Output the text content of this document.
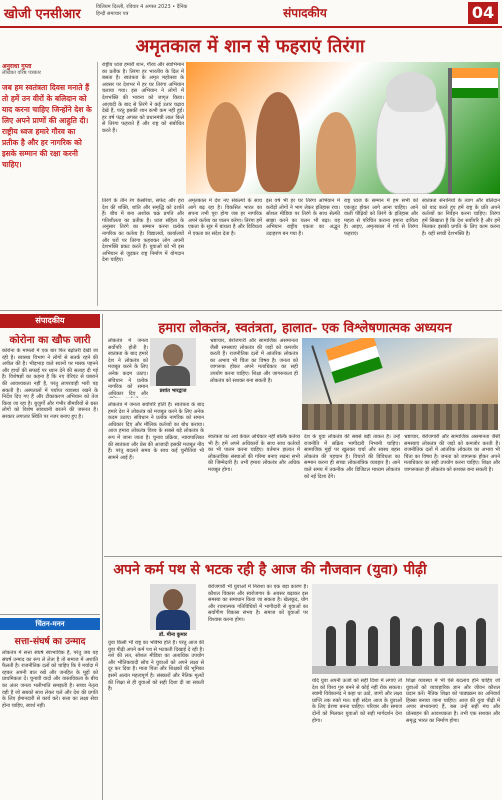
खोजी एनसीआर	विलियम दिल्ली, रविवार 4 अगस्त 2023 • दैनिक हिन्दी समाचार पत्र	संपादकीय	04
अमृतकाल में शान से फहराएं तिरंगा
अनुराधा गुप्ता
लेखिका वरिष्ठ पत्रकार
जब हम स्वतंत्रता दिवस मनाते हैं तो हमें उन वीरों के बलिदान को याद करना चाहिए जिन्होंने देश के लिए अपने प्राणों की आहुति दी। राष्ट्रीय ध्वज हमारे गौरव का प्रतीक है और हर नागरिक को इसके सम्मान की रक्षा करनी चाहिए।
राष्ट्रीय ध्वज हमारी शान, गौरव और स्वाभिमान का प्रतीक है। तिरंगा हर भारतीय के दिल में बसता है। स्वतंत्रता के अमृत महोत्सव के अवसर पर देशभर में हर घर तिरंगा अभियान चलाया गया। इस अभियान ने लोगों में देशभक्ति की भावना को जागृत किया। आज़ादी के बाद से तिरंगे ने कई उतार चढ़ाव देखे हैं, परंतु इसकी शान कभी कम नहीं हुई। हर वर्ष पंद्रह अगस्त को प्रधानमंत्री लाल किले से तिरंगा फहराते हैं और राष्ट्र को संबोधित करते हैं।
तिरंगे के तीन रंग केसरिया, सफेद और हरा देश की शक्ति, शांति और समृद्धि को दर्शाते हैं। बीच में बना अशोक चक्र प्रगति और गतिशीलता का प्रतीक है। ध्वज संहिता के अनुसार तिरंगे का सम्मान करना प्रत्येक नागरिक का कर्तव्य है। विद्यालयों, कार्यालयों और घरों पर तिरंगा फहराकर लोग अपनी देशभक्ति प्रकट करते हैं। युवाओं को भी इस अभियान से जुड़कर राष्ट्र निर्माण में योगदान देना चाहिए।
अमृतकाल में देश नए संकल्पों के साथ आगे बढ़ रहा है। विकसित भारत का सपना तभी पूरा होगा जब हर नागरिक अपने कर्तव्य का पालन करेगा। तिरंगा हमें एकता के सूत्र में बांधता है और विविधता में एकता का संदेश देता है।
इस वर्ष भी हर घर तिरंगा अभियान में करोड़ों लोगों ने भाग लेकर इतिहास रचा। सोशल मीडिया पर तिरंगे के साथ सेल्फी साझा करने का चलन भी बढ़ा। यह अभियान राष्ट्रीय एकता का अद्भुत उदाहरण बन गया है।
राष्ट्र ध्वज के सम्मान में हम सभी को एकजुट होकर आगे आना चाहिए। आने वाली पीढ़ियों को तिरंगे के इतिहास और महत्व से परिचित कराना हमारा दायित्व है। आइए, अमृतकाल में गर्व से तिरंगा फहराएं।
स्वतंत्रता सेनानियों के त्याग और बलिदान को याद करते हुए हमें राष्ट्र के प्रति अपने कर्तव्यों का निर्वहन करना चाहिए। तिरंगा हमें सिखाता है कि देश सर्वोपरि है और हमें मिलकर इसकी प्रगति के लिए काम करना है। यही सच्ची देशभक्ति है।
संपादकीय
कोरोना का खौफ जारी
कोरोना के मामलों में एक बार फिर बढ़ोतरी देखी जा रही है। स्वास्थ्य विभाग ने लोगों से सतर्क रहने की अपील की है। भीड़भाड़ वाले स्थानों पर मास्क पहनने और हाथों की सफाई पर ध्यान देने की सलाह दी गई है। विशेषज्ञों का कहना है कि नए वेरिएंट से घबराने की आवश्यकता नहीं है, परंतु लापरवाही भारी पड़ सकती है। अस्पतालों में पर्याप्त व्यवस्था रखने के निर्देश दिए गए हैं और टीकाकरण अभियान को तेज किया जा रहा है। बुजुर्गों और गंभीर बीमारियों से ग्रस्त लोगों को विशेष सावधानी बरतने की जरूरत है। सरकार लगातार स्थिति पर नजर बनाए हुए है।
चिंतन-मनन
सत्ता-संघर्ष का उन्माद
लोकतंत्र में सत्ता संघर्ष स्वाभाविक है, परंतु जब यह संघर्ष उन्माद का रूप ले लेता है तो समाज में अशांति फैलती है। राजनीतिक दलों को चाहिए कि वे मर्यादा में रहकर अपनी बात रखें और जनहित के मुद्दों को प्राथमिकता दें। चुनावी वादों और वास्तविकता के बीच का अंतर जनता भलीभांति समझती है। सच्चा नेतृत्व वही है जो सबको साथ लेकर चले और देश की प्रगति के लिए ईमानदारी से कार्य करे। सत्ता का लक्ष्य सेवा होना चाहिए, स्वार्थ नहीं।
हमारा लोकतंत्र, स्वतंत्रता, हालात- एक विश्लेषणात्मक अध्ययन
प्रशांत भारद्वाज
लोकतंत्र में जनता सर्वोपरि होती है। स्वतंत्रता के बाद हमारे देश ने लोकतंत्र को मजबूत करने के लिए अनेक कदम उठाए। संविधान ने प्रत्येक नागरिक को समान अधिकार दिए और
भ्रष्टाचार, बेरोजगारी और सामाजिक असमानता जैसी समस्याएं लोकतंत्र की जड़ों को कमजोर करती हैं। राजनीतिक दलों में आंतरिक लोकतंत्र का अभाव भी चिंता का विषय है। जनता को जागरूक होकर अपने मताधिकार का सही उपयोग करना चाहिए। शिक्षा और जागरूकता ही लोकतंत्र को सशक्त बना सकती है।
लोकतंत्र में जनता सर्वोपरि होती है। स्वतंत्रता के बाद हमारे देश ने लोकतंत्र को मजबूत करने के लिए अनेक कदम उठाए। संविधान ने प्रत्येक नागरिक को समान अधिकार दिए और मौलिक कर्तव्यों का बोध कराया। आज हमारा लोकतंत्र विश्व के सबसे बड़े लोकतंत्र के रूप में जाना जाता है। चुनाव प्रक्रिया, न्यायपालिका की स्वतंत्रता और प्रेस की आजादी इसकी मजबूत नींव हैं। परंतु बदलते समय के साथ कई चुनौतियां भी सामने आई हैं।
स्वतंत्रता का अर्थ केवल अधिकार नहीं बल्कि कर्तव्य भी है। हमें अपने अधिकारों के साथ साथ कर्तव्यों का भी पालन करना चाहिए। वर्तमान हालात में लोकतांत्रिक संस्थाओं की गरिमा बनाए रखना सभी की जिम्मेदारी है। तभी हमारा लोकतंत्र और अधिक मजबूत होगा।
देश के युवा लोकतंत्र की सबसे बड़ी ताकत हैं। उन्हें राजनीति में सक्रिय भागीदारी निभानी चाहिए। सामाजिक मुद्दों पर खुलकर चर्चा और स्वस्थ बहस लोकतंत्र की पहचान है। विचारों की विविधता का सम्मान करना ही सच्चा लोकतांत्रिक व्यवहार है। आने वाले समय में तकनीक और डिजिटल माध्यम लोकतंत्र को नई दिशा देंगे।
भ्रष्टाचार, बेरोजगारी और सामाजिक असमानता जैसी समस्याएं लोकतंत्र की जड़ों को कमजोर करती हैं। राजनीतिक दलों में आंतरिक लोकतंत्र का अभाव भी चिंता का विषय है। जनता को जागरूक होकर अपने मताधिकार का सही उपयोग करना चाहिए। शिक्षा और जागरूकता ही लोकतंत्र को सशक्त बना सकती है।
अपने कर्म पथ से भटक रही है आज की नौजवान (युवा) पीढ़ी
डॉ. मीना कुमार
युवा किसी भी राष्ट्र का भविष्य होते हैं। परंतु आज की युवा पीढ़ी अपने कर्म पथ से भटकती दिखाई दे रही है। नशे की लत, सोशल मीडिया का अत्यधिक उपयोग और भौतिकवादी सोच ने युवाओं को अपने लक्ष्य से दूर कर दिया है। माता पिता और शिक्षकों की भूमिका इसमें अत्यंत महत्वपूर्ण है। संस्कारों और नैतिक मूल्यों की शिक्षा से ही युवाओं को सही दिशा दी जा सकती है।
बेरोजगारी भी युवाओं में निराशा का एक बड़ा कारण है। कौशल विकास और स्वरोजगार के अवसर बढ़ाकर इस समस्या का समाधान किया जा सकता है। खेलकूद, योग और रचनात्मक गतिविधियों में भागीदारी से युवाओं का सर्वांगीण विकास संभव है। समाज को युवाओं पर विश्वास करना होगा।
यदि युवा अपनी ऊर्जा को सही दिशा में लगाएं तो देश को विश्व गुरु बनने से कोई नहीं रोक सकता। स्वामी विवेकानंद ने कहा था उठो, जागो और लक्ष्य प्राप्ति तक रुको मत। यही संदेश आज के युवाओं के लिए प्रेरणा बनना चाहिए। परिवार और समाज दोनों को मिलकर युवाओं को सही मार्गदर्शन देना होगा।
शिक्षा व्यवस्था में भी ऐसे बदलाव होने चाहिए जो युवाओं को व्यावहारिक ज्ञान और जीवन कौशल प्रदान करें। नैतिक शिक्षा को पाठ्यक्रम का अनिवार्य हिस्सा बनाया जाना चाहिए। आज की युवा पीढ़ी में अपार संभावनाएं हैं, बस उन्हें सही मंच और प्रोत्साहन की आवश्यकता है। तभी एक सशक्त और समृद्ध भारत का निर्माण होगा।
